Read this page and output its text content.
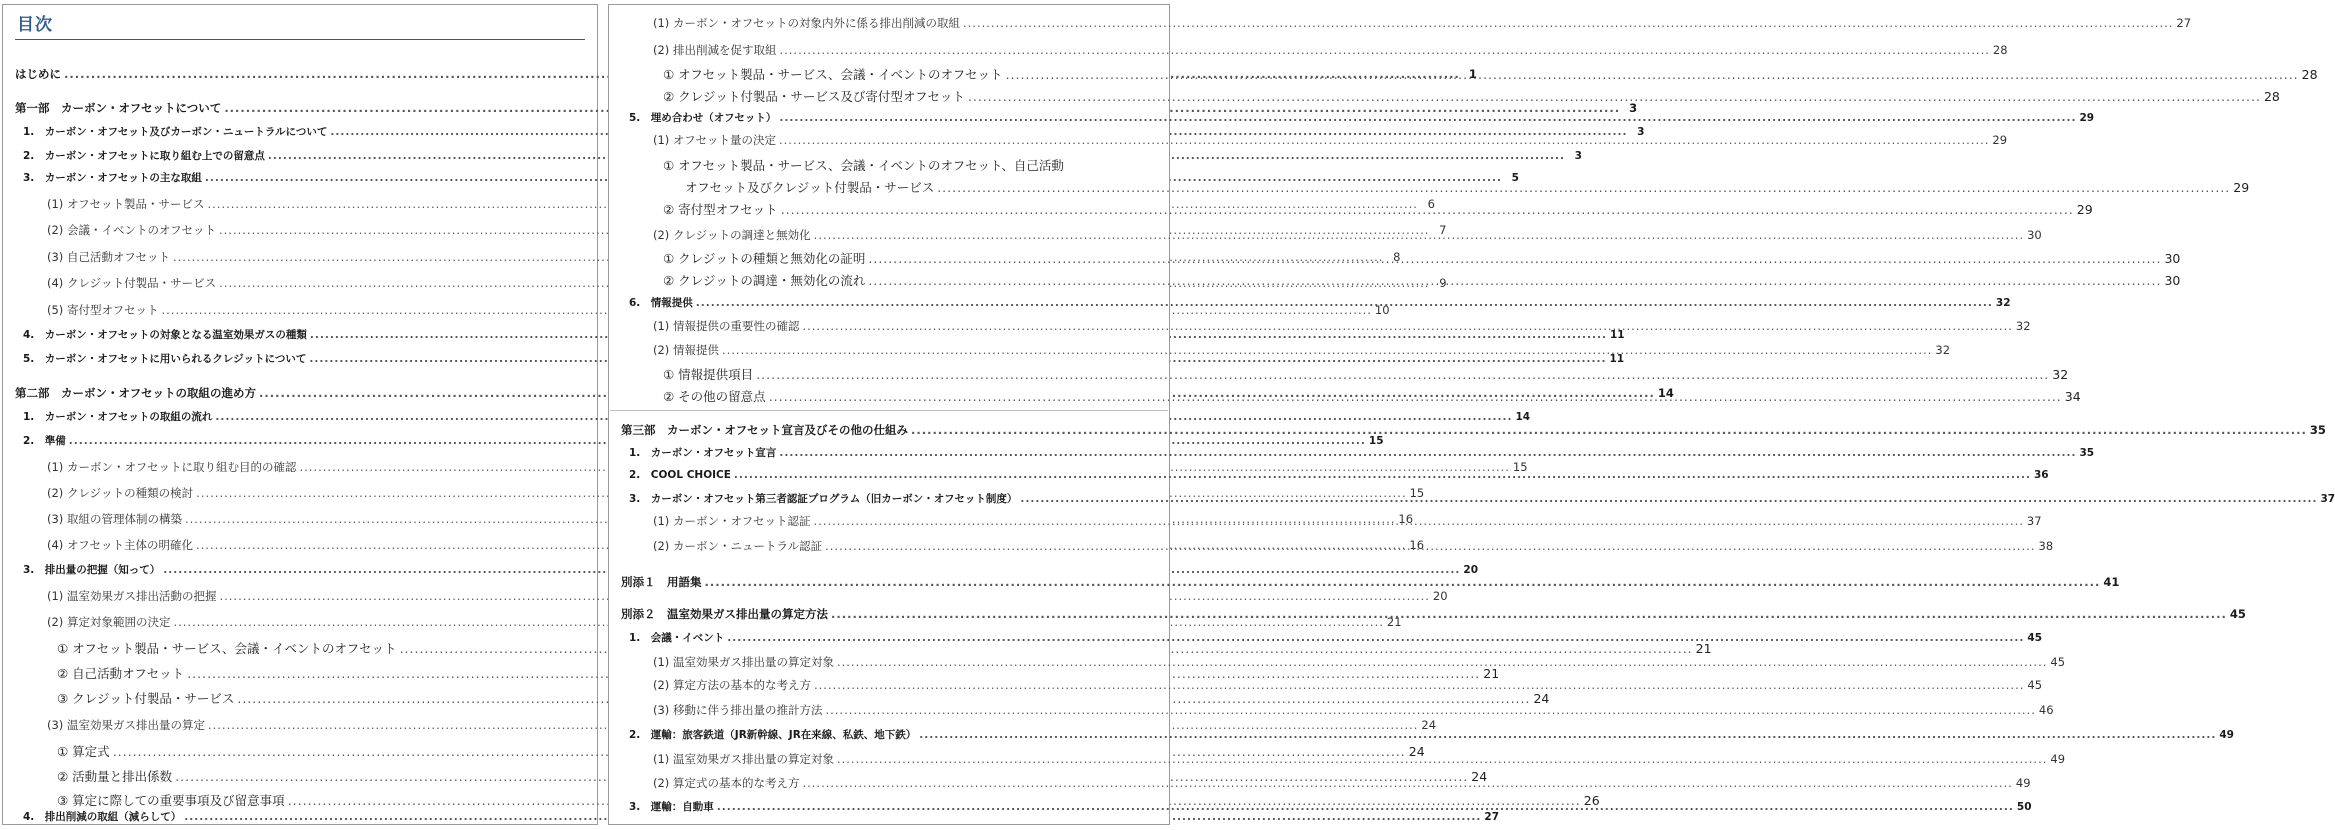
目次
はじめに .....	1
第一部　カーボン・オフセットについて .....	3
1.　カーボン・オフセット及びカーボン・ニュートラルについて .....	3
2.　カーボン・オフセットに取り組む上での留意点 .....	3
3.　カーボン・オフセットの主な取組 .....	5
(1) オフセット製品・サービス .....	6
(2) 会議・イベントのオフセット .....	7
(3) 自己活動オフセット .....	8
(4) クレジット付製品・サービス .....	9
(5) 寄付型オフセット .....	10
4.　カーボン・オフセットの対象となる温室効果ガスの種類 .....	11
5.　カーボン・オフセットに用いられるクレジットについて .....	11
第二部　カーボン・オフセットの取組の進め方 .....	14
1.　カーボン・オフセットの取組の流れ .....	14
2.　準備 .....	15
(1) カーボン・オフセットに取り組む目的の確認 .....	15
(2) クレジットの種類の検討 .....	15
(3) 取組の管理体制の構築 .....	16
(4) オフセット主体の明確化 .....	16
3.　排出量の把握（知って） .....	20
(1) 温室効果ガス排出活動の把握 .....	20
(2) 算定対象範囲の決定 .....	21
① オフセット製品・サービス、会議・イベントのオフセット .....	21
② 自己活動オフセット .....	21
③ クレジット付製品・サービス .....	24
(3) 温室効果ガス排出量の算定 .....	24
① 算定式 .....	24
② 活動量と排出係数 .....	24
③ 算定に際しての重要事項及び留意事項 .....	26
4.　排出削減の取組（減らして） .....	27
(1) カーボン・オフセットの対象内外に係る排出削減の取組 .....	27
(2) 排出削減を促す取組 .....	28
① オフセット製品・サービス、会議・イベントのオフセット .....	28
② クレジット付製品・サービス及び寄付型オフセット .....	28
5.　埋め合わせ（オフセット） .....	29
(1) オフセット量の決定 .....	29
① オフセット製品・サービス、会議・イベントのオフセット、自己活動
オフセット及びクレジット付製品・サービス .....	29
② 寄付型オフセット .....	29
(2) クレジットの調達と無効化 .....	30
① クレジットの種類と無効化の証明 .....	30
② クレジットの調達・無効化の流れ .....	30
6.　情報提供 .....	32
(1) 情報提供の重要性の確認 .....	32
(2) 情報提供 .....	32
① 情報提供項目 .....	32
② その他の留意点 .....	34
第三部　カーボン・オフセット宣言及びその他の仕組み .....	35
1.　カーボン・オフセット宣言 .....	35
2.　COOL CHOICE .....	36
3.　カーボン・オフセット第三者認証プログラム（旧カーボン・オフセット制度） .....	37
(1) カーボン・オフセット認証 .....	37
(2) カーボン・ニュートラル認証 .....	38
別添１　用語集 .....	41
別添２　温室効果ガス排出量の算定方法 .....	45
1.　会議・イベント .....	45
(1) 温室効果ガス排出量の算定対象 .....	45
(2) 算定方法の基本的な考え方 .....	45
(3) 移動に伴う排出量の推計方法 .....	46
2.　運輸：旅客鉄道（JR新幹線、JR在来線、私鉄、地下鉄） .....	49
(1) 温室効果ガス排出量の算定対象 .....	49
(2) 算定式の基本的な考え方 .....	49
3.　運輸：自動車 .....	50
